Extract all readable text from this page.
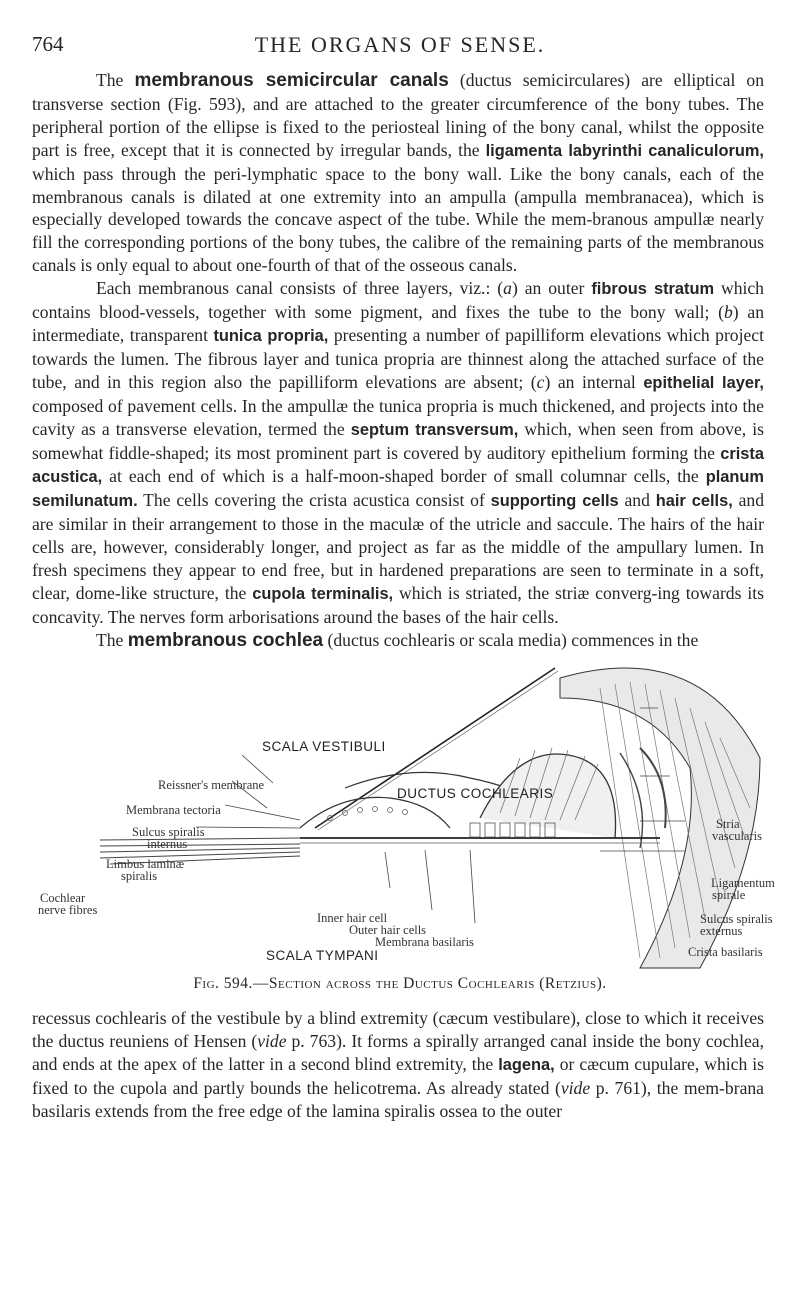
764	THE ORGANS OF SENSE.

The membranous semicircular canals (ductus semicirculares) are elliptical on transverse section (Fig. 593), and are attached to the greater circumference of the bony tubes. The peripheral portion of the ellipse is fixed to the periosteal lining of the bony canal, whilst the opposite part is free, except that it is connected by irregular bands, the ligamenta labyrinthi canaliculorum, which pass through the peri-lymphatic space to the bony wall. Like the bony canals, each of the membranous canals is dilated at one extremity into an ampulla (ampulla membranacea), which is especially developed towards the concave aspect of the tube. While the mem-branous ampullæ nearly fill the corresponding portions of the bony tubes, the calibre of the remaining parts of the membranous canals is only equal to about one-fourth of that of the osseous canals.

Each membranous canal consists of three layers, viz.: (a) an outer fibrous stratum which contains blood-vessels, together with some pigment, and fixes the tube to the bony wall; (b) an intermediate, transparent tunica propria, presenting a number of papilliform elevations which project towards the lumen. The fibrous layer and tunica propria are thinnest along the attached surface of the tube, and in this region also the papilliform elevations are absent; (c) an internal epithelial layer, composed of pavement cells. In the ampullæ the tunica propria is much thickened, and projects into the cavity as a transverse elevation, termed the septum transversum, which, when seen from above, is somewhat fiddle-shaped; its most prominent part is covered by auditory epithelium forming the crista acustica, at each end of which is a half-moon-shaped border of small columnar cells, the planum semilunatum. The cells covering the crista acustica consist of supporting cells and hair cells, and are similar in their arrangement to those in the maculæ of the utricle and saccule. The hairs of the hair cells are, however, considerably longer, and project as far as the middle of the ampullary lumen. In fresh specimens they appear to end free, but in hardened preparations are seen to terminate in a soft, clear, dome-like structure, the cupola terminalis, which is striated, the striæ converg-ing towards its concavity. The nerves form arborisations around the bases of the hair cells.

The membranous cochlea (ductus cochlearis or scala media) commences in the

SCALA VESTIBULI
DUCTUS COCHLEARIS
SCALA TYMPANI
Reissner's membrane
Membrana tectoria
Sulcus spiralis
internus
Limbus laminæ
spiralis
Cochlear
nerve fibres
Inner hair cell
Outer hair cells
Membrana basilaris
Stria
vascularis
Ligamentum
spirale
Sulcus spiralis
externus
Crista basilaris
Fig. 594.—Section across the Ductus Cochlearis (Retzius).

recessus cochlearis of the vestibule by a blind extremity (cæcum vestibulare), close to which it receives the ductus reuniens of Hensen (vide p. 763). It forms a spirally arranged canal inside the bony cochlea, and ends at the apex of the latter in a second blind extremity, the lagena, or cæcum cupulare, which is fixed to the cupola and partly bounds the helicotrema. As already stated (vide p. 761), the mem-brana basilaris extends from the free edge of the lamina spiralis ossea to the outer
